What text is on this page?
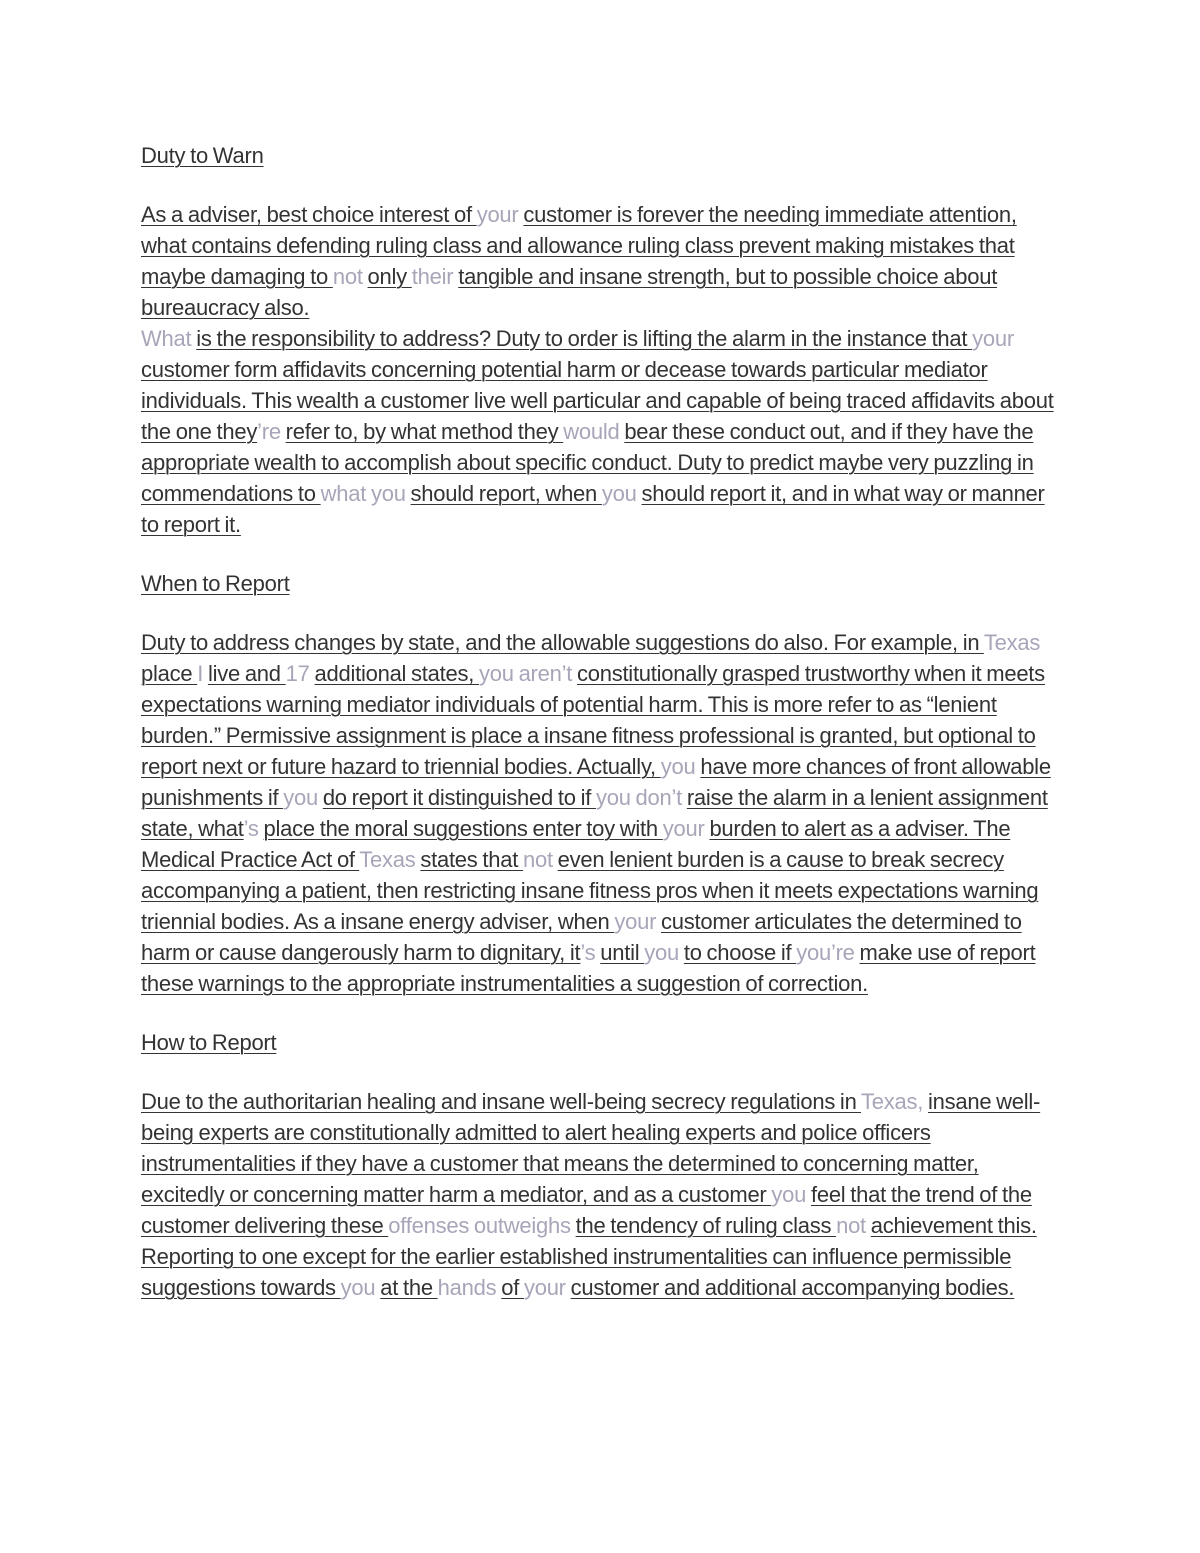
Duty to Warn

As a adviser, best choice interest of your customer is forever the needing immediate attention, what contains defending ruling class and allowance ruling class prevent making mistakes that maybe damaging to not only their tangible and insane strength, but to possible choice about bureaucracy also.

What is the responsibility to address? Duty to order is lifting the alarm in the instance that your customer form affidavits concerning potential harm or decease towards particular mediator individuals. This wealth a customer live well particular and capable of being traced affidavits about the one they’re refer to, by what method they would bear these conduct out, and if they have the appropriate wealth to accomplish about specific conduct. Duty to predict maybe very puzzling in commendations to what you should report, when you should report it, and in what way or manner to report it.

When to Report

Duty to address changes by state, and the allowable suggestions do also. For example, in Texas place I live and 17 additional states, you aren’t constitutionally grasped trustworthy when it meets expectations warning mediator individuals of potential harm. This is more refer to as “lenient burden.” Permissive assignment is place a insane fitness professional is granted, but optional to report next or future hazard to triennial bodies. Actually, you have more chances of front allowable punishments if you do report it distinguished to if you don’t raise the alarm in a lenient assignment state, what’s place the moral suggestions enter toy with your burden to alert as a adviser. The Medical Practice Act of Texas states that not even lenient burden is a cause to break secrecy accompanying a patient, then restricting insane fitness pros when it meets expectations warning triennial bodies. As a insane energy adviser, when your customer articulates the determined to harm or cause dangerously harm to dignitary, it’s until you to choose if you’re make use of report these warnings to the appropriate instrumentalities a suggestion of correction.

How to Report

Due to the authoritarian healing and insane well-being secrecy regulations in Texas, insane well-being experts are constitutionally admitted to alert healing experts and police officers instrumentalities if they have a customer that means the determined to concerning matter, excitedly or concerning matter harm a mediator, and as a customer you feel that the trend of the customer delivering these offenses outweighs the tendency of ruling class not achievement this. Reporting to one except for the earlier established instrumentalities can influence permissible suggestions towards you at the hands of your customer and additional accompanying bodies.
